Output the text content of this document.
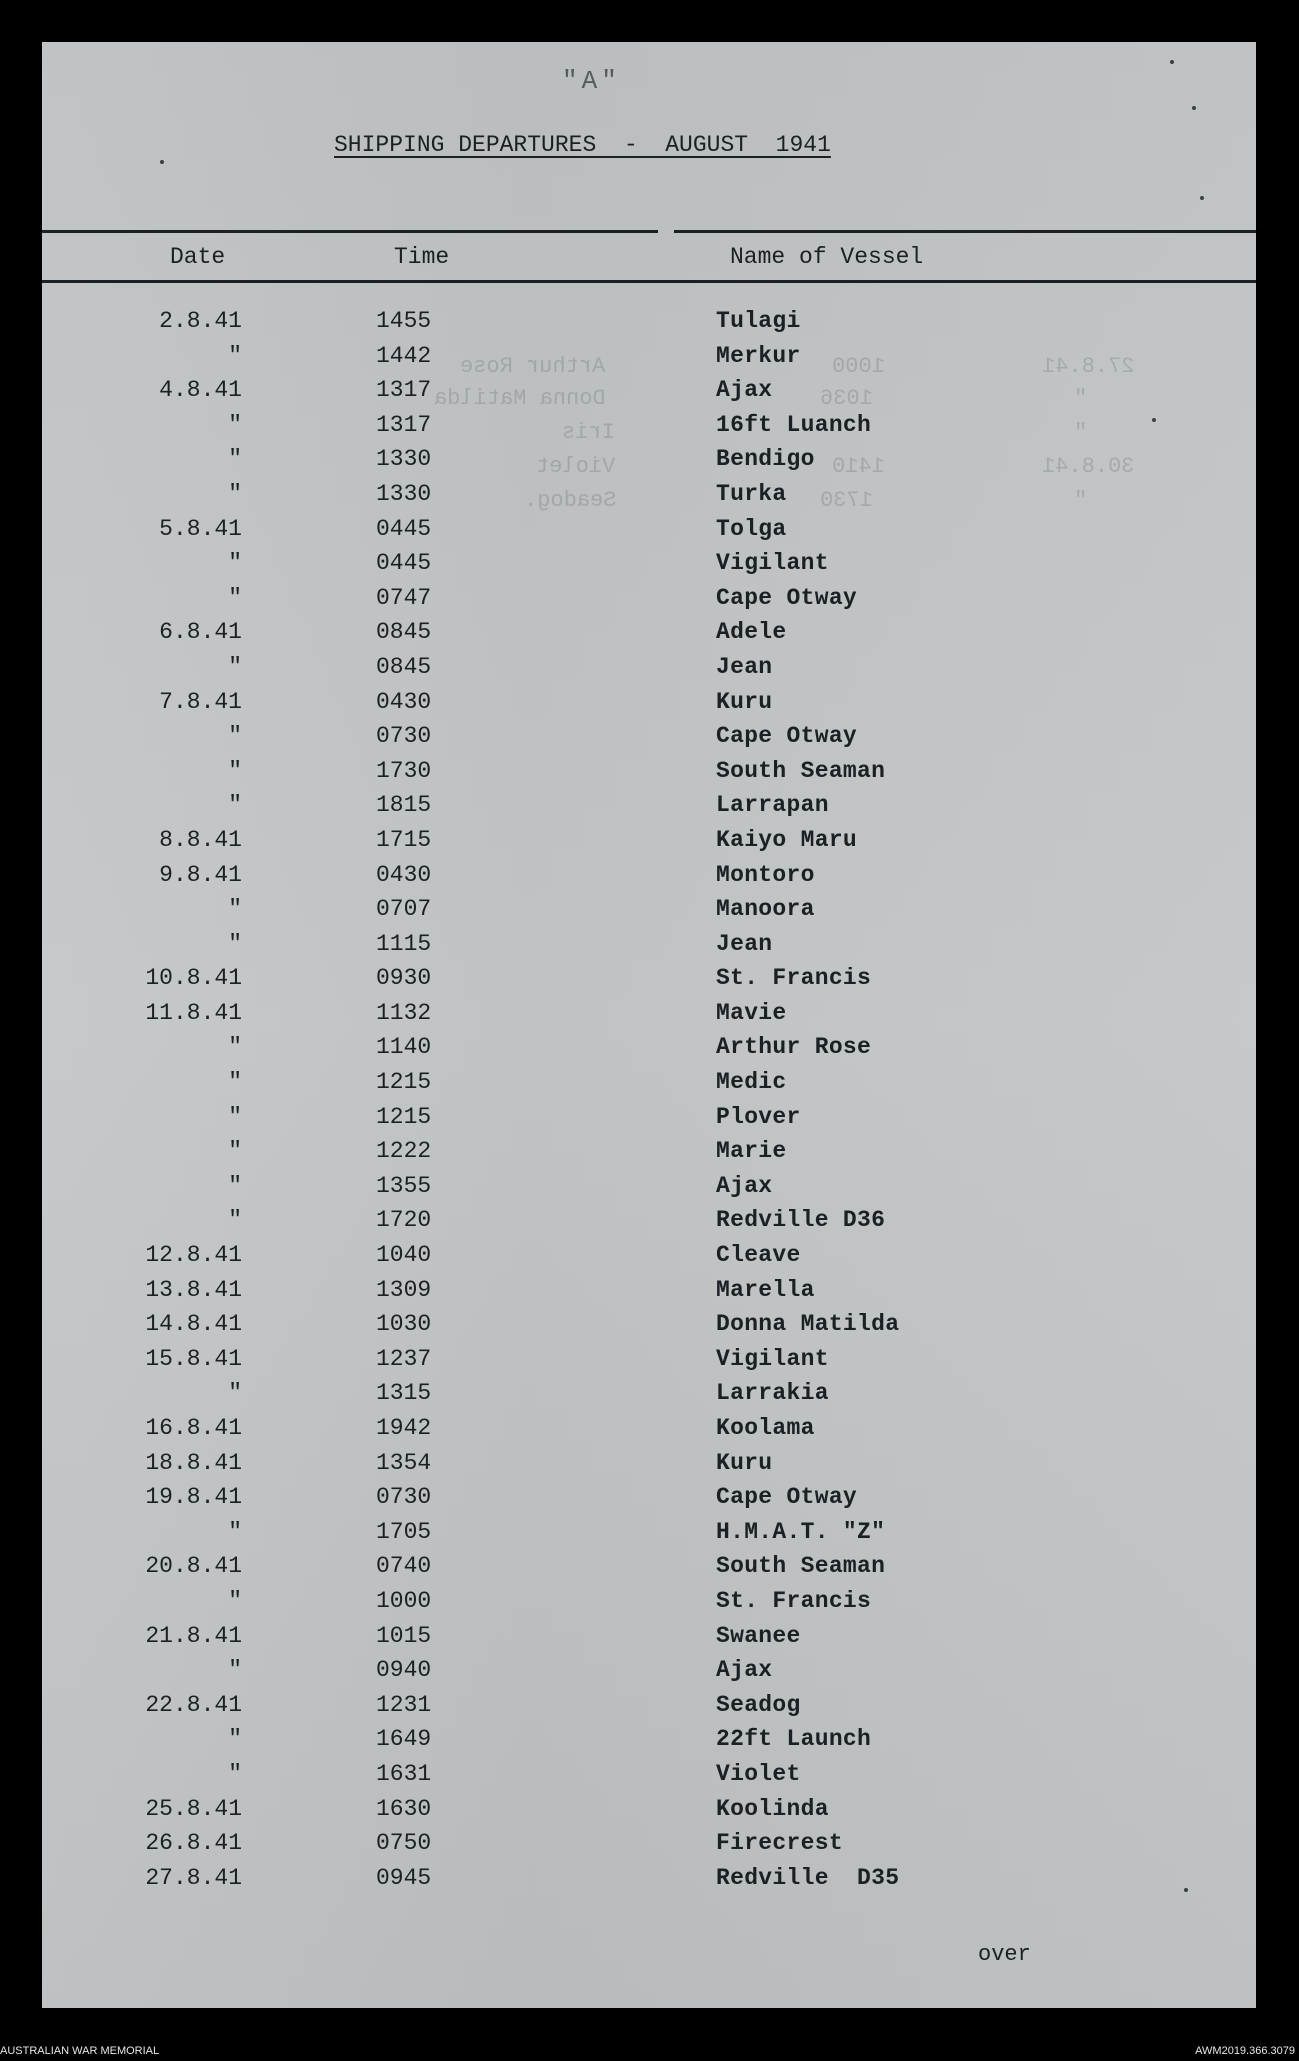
"A"
SHIPPING DEPARTURES  -  AUGUST  1941
Date	Time	Name of Vessel
Arthur Rose
Donna Matilda
Iris
Violet
Seadog.
1000
1036
1410
1730
27.8.41
"
"
30.8.41
"
2.8.41	1455	Tulagi
"	1442	Merkur
4.8.41	1317	Ajax
"	1317	16ft Luanch
"	1330	Bendigo
"	1330	Turka
5.8.41	0445	Tolga
"	0445	Vigilant
"	0747	Cape Otway
6.8.41	0845	Adele
"	0845	Jean
7.8.41	0430	Kuru
"	0730	Cape Otway
"	1730	South Seaman
"	1815	Larrapan
8.8.41	1715	Kaiyo Maru
9.8.41	0430	Montoro
"	0707	Manoora
"	1115	Jean
10.8.41	0930	St. Francis
11.8.41	1132	Mavie
"	1140	Arthur Rose
"	1215	Medic
"	1215	Plover
"	1222	Marie
"	1355	Ajax
"	1720	Redville D36
12.8.41	1040	Cleave
13.8.41	1309	Marella
14.8.41	1030	Donna Matilda
15.8.41	1237	Vigilant
"	1315	Larrakia
16.8.41	1942	Koolama
18.8.41	1354	Kuru
19.8.41	0730	Cape Otway
"	1705	H.M.A.T. "Z"
20.8.41	0740	South Seaman
"	1000	St. Francis
21.8.41	1015	Swanee
"	0940	Ajax
22.8.41	1231	Seadog
"	1649	22ft Launch
"	1631	Violet
25.8.41	1630	Koolinda
26.8.41	0750	Firecrest
27.8.41	0945	Redville  D35
over
AUSTRALIAN WAR MEMORIAL	AWM2019.366.3079
